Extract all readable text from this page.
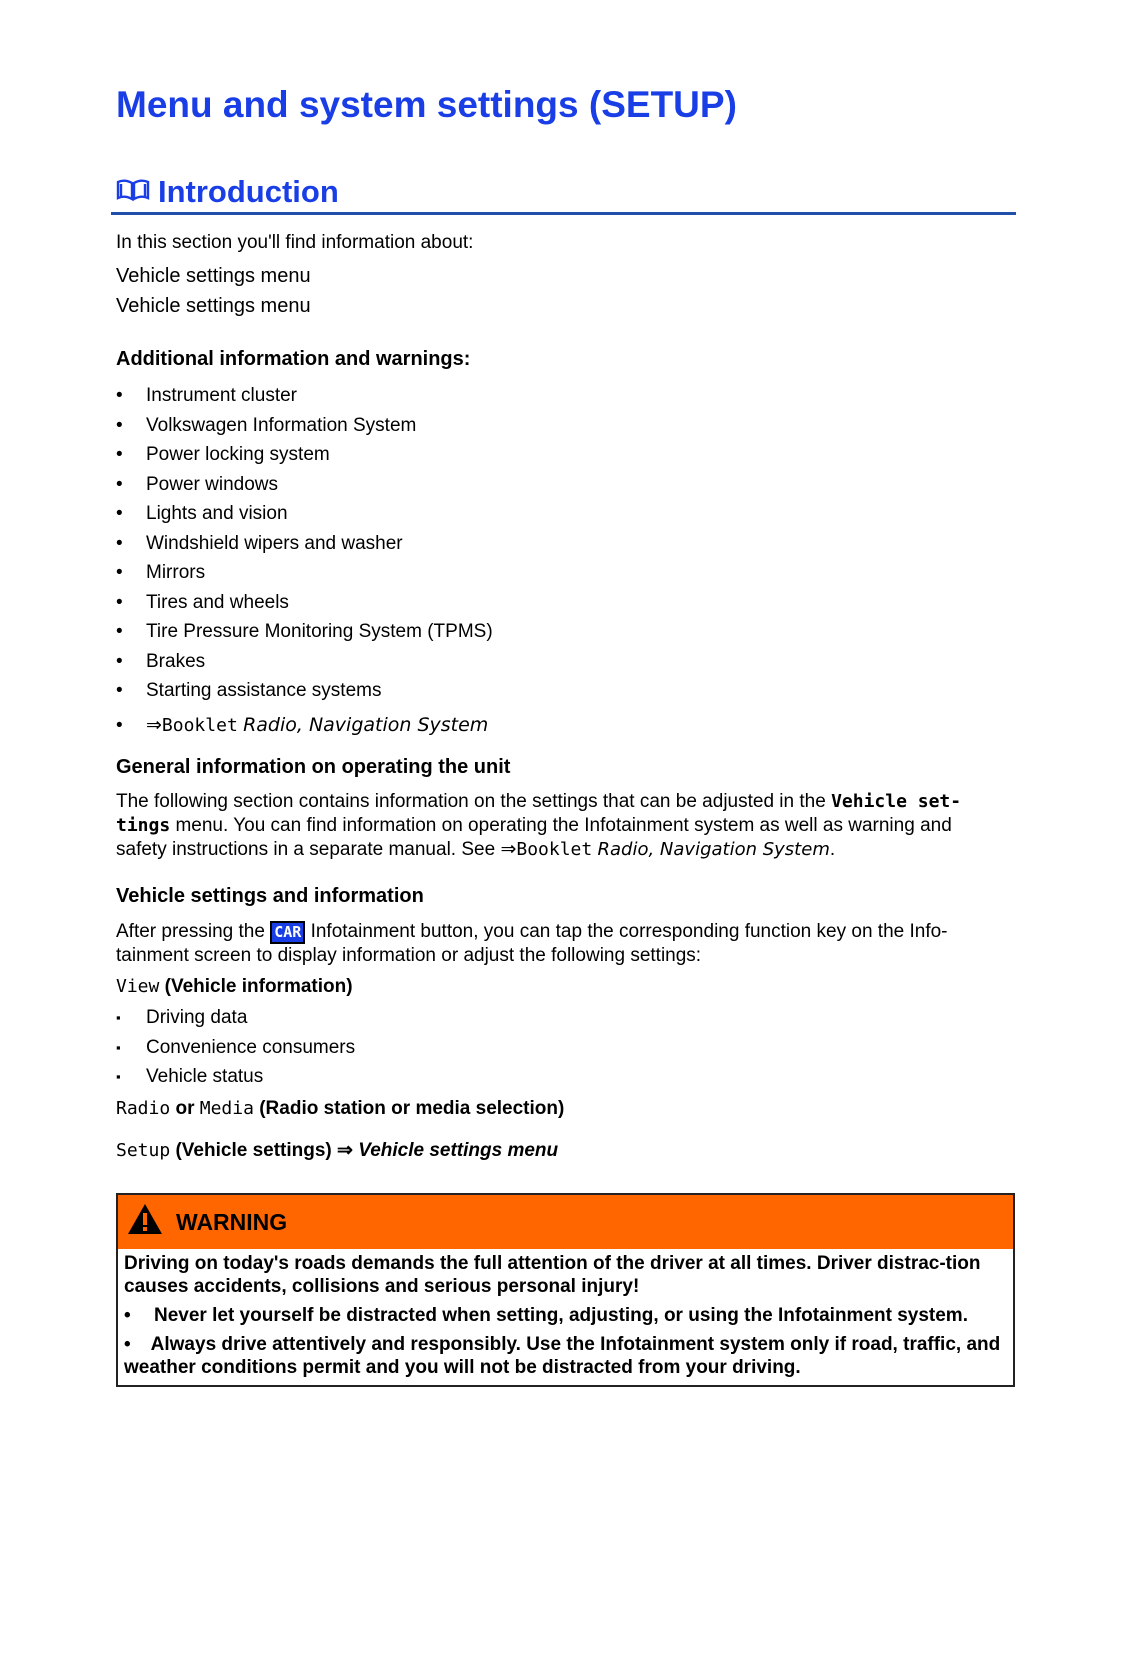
Menu and system settings (SETUP)
Introduction
In this section you'll find information about:
Vehicle settings menu
Vehicle settings menu
Additional information and warnings:
• Instrument cluster
• Volkswagen Information System
• Power locking system
• Power windows
• Lights and vision
• Windshield wipers and washer
• Mirrors
• Tires and wheels
• Tire Pressure Monitoring System (TPMS)
• Brakes
• Starting assistance systems
• ⇒Booklet Radio, Navigation System
General information on operating the unit
The following section contains information on the settings that can be adjusted in the Vehicle set-tings menu. You can find information on operating the Infotainment system as well as warning and safety instructions in a separate manual. See ⇒Booklet Radio, Navigation System.
Vehicle settings and information
After pressing the CAR Infotainment button, you can tap the corresponding function key on the Info-tainment screen to display information or adjust the following settings:
View (Vehicle information)
▪ Driving data
▪ Convenience consumers
▪ Vehicle status
Radio or Media (Radio station or media selection)
Setup (Vehicle settings) ⇒ Vehicle settings menu
WARNING

Driving on today's roads demands the full attention of the driver at all times. Driver distrac-tion causes accidents, collisions and serious personal injury!

• Never let yourself be distracted when setting, adjusting, or using the Infotainment system.

• Always drive attentively and responsibly. Use the Infotainment system only if road, traffic, and weather conditions permit and you will not be distracted from your driving.
